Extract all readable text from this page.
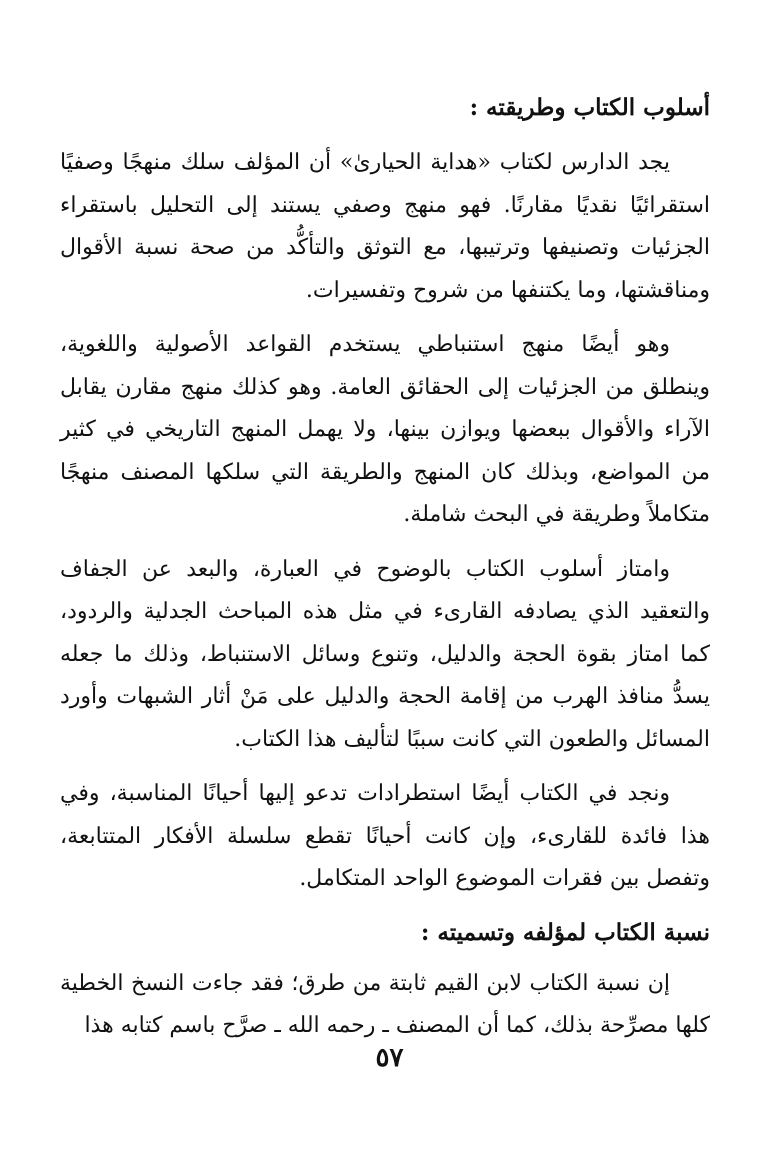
أسلوب الكتاب وطريقته :

يجد الدارس لكتاب «هداية الحيارىٰ» أن المؤلف سلك منهجًا وصفيًا استقرائيًا نقديًا مقارنًا. فهو منهج وصفي يستند إلى التحليل باستقراء الجزئيات وتصنيفها وترتيبها، مع التوثق والتأكُّد من صحة نسبة الأقوال ومناقشتها، وما يكتنفها من شروح وتفسيرات.

وهو أيضًا منهج استنباطي يستخدم القواعد الأصولية واللغوية، وينطلق من الجزئيات إلى الحقائق العامة. وهو كذلك منهج مقارن يقابل الآراء والأقوال ببعضها ويوازن بينها، ولا يهمل المنهج التاريخي في كثير من المواضع، وبذلك كان المنهج والطريقة التي سلكها المصنف منهجًا متكاملاً وطريقة في البحث شاملة.

وامتاز أسلوب الكتاب بالوضوح في العبارة، والبعد عن الجفاف والتعقيد الذي يصادفه القارىء في مثل هذه المباحث الجدلية والردود، كما امتاز بقوة الحجة والدليل، وتنوع وسائل الاستنباط، وذلك ما جعله يسدُّ منافذ الهرب من إقامة الحجة والدليل على مَنْ أثار الشبهات وأورد المسائل والطعون التي كانت سببًا لتأليف هذا الكتاب.

ونجد في الكتاب أيضًا استطرادات تدعو إليها أحيانًا المناسبة، وفي هذا فائدة للقارىء، وإن كانت أحيانًا تقطع سلسلة الأفكار المتتابعة، وتفصل بين فقرات الموضوع الواحد المتكامل.

نسبة الكتاب لمؤلفه وتسميته :

إن نسبة الكتاب لابن القيم ثابتة من طرق؛ فقد جاءت النسخ الخطية كلها مصرِّحة بذلك، كما أن المصنف ـ رحمه الله ـ صرَّح باسم كتابه هذا

٥٧
